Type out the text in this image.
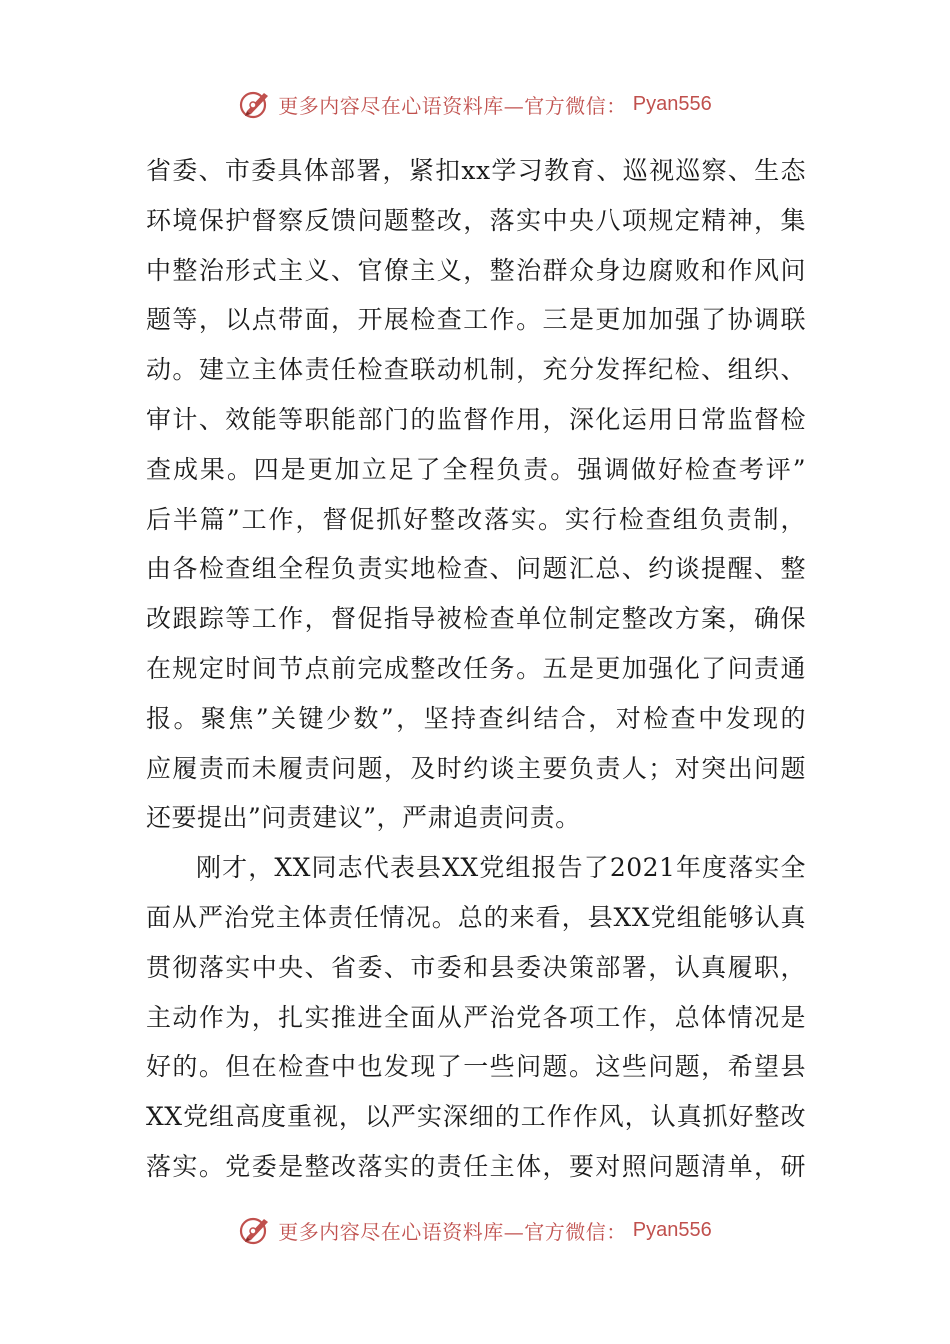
更多内容尽在心语资料库—官方微信： Pyan556
省委、市委具体部署，紧扣xx学习教育、巡视巡察、生态
环境保护督察反馈问题整改，落实中央八项规定精神，集
中整治形式主义、官僚主义，整治群众身边腐败和作风问
题等，以点带面，开展检查工作。三是更加加强了协调联
动。建立主体责任检查联动机制，充分发挥纪检、组织、
审计、效能等职能部门的监督作用，深化运用日常监督检
查成果。四是更加立足了全程负责。强调做好检查考评”
后半篇”工作，督促抓好整改落实。实行检查组负责制，
由各检查组全程负责实地检查、问题汇总、约谈提醒、整
改跟踪等工作，督促指导被检查单位制定整改方案，确保
在规定时间节点前完成整改任务。五是更加强化了问责通
报。聚焦”关键少数”，坚持查纠结合，对检查中发现的
应履责而未履责问题，及时约谈主要负责人；对突出问题
还要提出”问责建议”，严肃追责问责。
刚才，XX同志代表县XX党组报告了2021年度落实全
面从严治党主体责任情况。总的来看，县XX党组能够认真
贯彻落实中央、省委、市委和县委决策部署，认真履职，
主动作为，扎实推进全面从严治党各项工作，总体情况是
好的。但在检查中也发现了一些问题。这些问题，希望县
XX党组高度重视，以严实深细的工作作风，认真抓好整改
落实。党委是整改落实的责任主体，要对照问题清单，研
更多内容尽在心语资料库—官方微信： Pyan556
